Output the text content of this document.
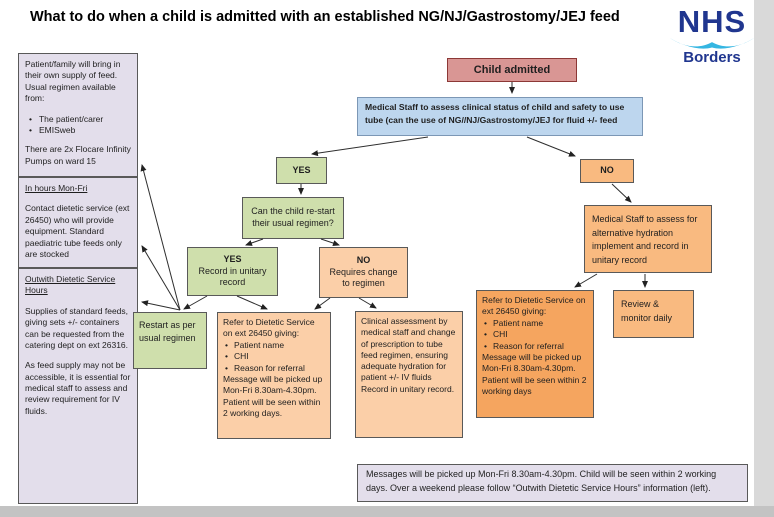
What to do when a child is admitted with an established NG/NJ/Gastrostomy/JEJ feed	NHS
Borders

Patient/family will bring in their own supply of feed. Usual regimen available from:

• The patient/carer
• EMISweb

There are 2x Flocare Infinity Pumps on ward 15

In hours Mon-Fri

Contact dietetic service (ext 26450) who will provide equipment. Standard paediatric tube feeds only are stocked

Outwith Dietetic Service Hours

Supplies of standard feeds, giving sets +/- containers can be requested from the catering dept on ext 26316.

As feed supply may not be accessible, it is essential for medical staff to assess and review requirement for IV fluids.

Child admitted
Medical Staff to assess clinical status of child and safety to use tube (can the use of NG//NJ/Gastrostomy/JEJ for fluid +/- feed
YES	NO
Can the child re-start their usual regimen?
YES
Record in unitary record
NO
Requires change to regimen
Restart as per usual regimen

Refer to Dietetic Service on ext 26450 giving:

• Patient name
• CHI
• Reason for referral

Message will be picked up Mon-Fri 8.30am-4.30pm. Patient will be seen within 2 working days.

Clinical assessment by medical staff and change of prescription to tube feed regimen, ensuring adequate hydration for patient +/- IV fluids

Record in unitary record.

Medical Staff to assess for alternative hydration implement and record in unitary record

Refer to Dietetic Service on ext 26450 giving:

• Patient name
• CHI
• Reason for referral

Message will be picked up Mon-Fri 8.30am-4.30pm. Patient will be seen within 2 working days

Review & monitor daily
Messages will be picked up Mon-Fri 8.30am-4.30pm. Child will be seen within 2 working days. Over a weekend please follow “Outwith Dietetic Service Hours” information (left).
